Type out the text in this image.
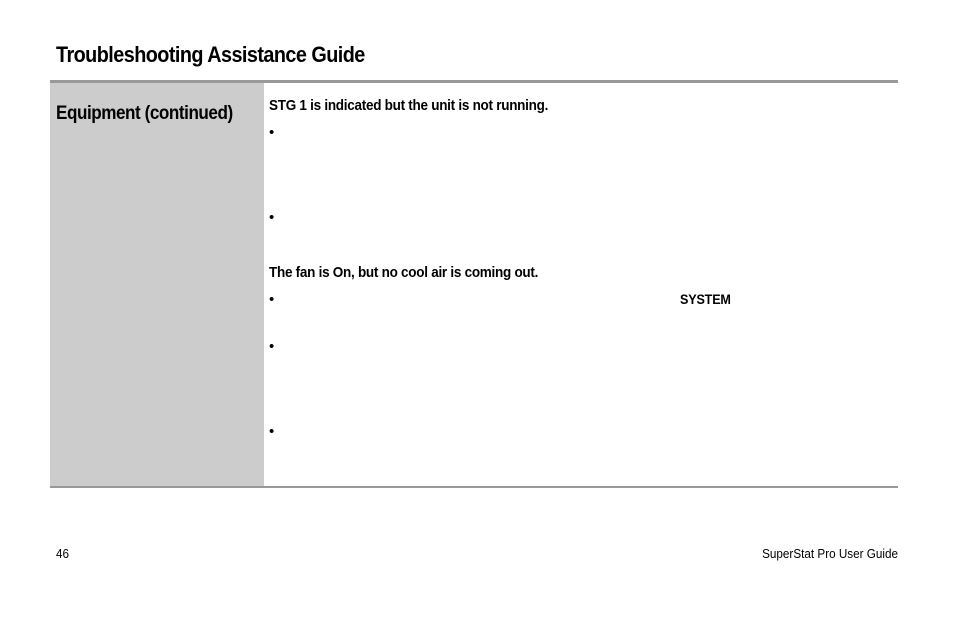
Troubleshooting Assistance Guide
Equipment (continued) STG 1 is indicated but the unit is not running.
•
•
The fan is On, but no cool air is coming out.
•	SYSTEM
•
•
46	SuperStat Pro User Guide
